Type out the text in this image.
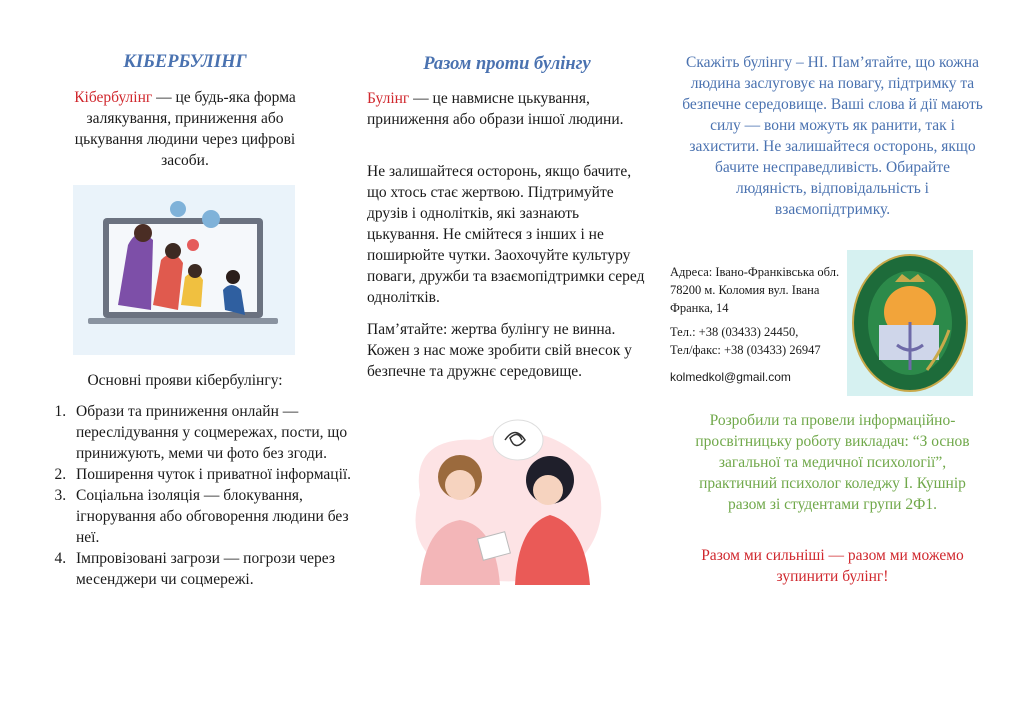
КІБЕРБУЛІНГ

Кібербулінг — це будь-яка форма залякування, приниження або цькування людини через цифрові засоби.

Основні прояви кібербулінгу:

1. Образи та приниження онлайн — переслідування у соцмережах, пости, що принижують, меми чи фото без згоди.
2. Поширення чуток і приватної інформації.
3. Соціальна ізоляція — блокування, ігнорування або обговорення людини без неї.
4. Імпровізовані загрози — погрози через месенджери чи соцмережі.
Разом проти булінгу

Булінг — це навмисне цькування, приниження або образи іншої людини.

Не залишайтеся осторонь, якщо бачите, що хтось стає жертвою. Підтримуйте друзів і однолітків, які зазнають цькування. Не смійтеся з інших і не поширюйте чутки. Заохочуйте культуру поваги, дружби та взаємопідтримки серед однолітків.

Пам’ятайте: жертва булінгу не винна. Кожен з нас може зробити свій внесок у безпечне та дружнє середовище.

Скажіть булінгу – НІ. Пам’ятайте, що кожна людина заслуговує на повагу, підтримку та безпечне середовище. Ваші слова й дії мають силу — вони можуть як ранити, так і захистити. Не залишайтеся осторонь, якщо бачите несправедливість. Обирайте людяність, відповідальність і взаємопідтримку.

Адреса: Івано-Франківська обл. 78200 м. Коломия вул. Івана Франка, 14

Тел.: +38 (03433) 24450,

Тел/факс: +38 (03433) 26947

kolmedkol@gmail.com

Розробили та провели інформаційно-просвітницьку роботу викладач: “З основ загальної та медичної психології”, практичний психолог коледжу І. Кушнір разом зі студентами групи 2Ф1.

Разом ми сильніші — разом ми можемо зупинити булінг!
